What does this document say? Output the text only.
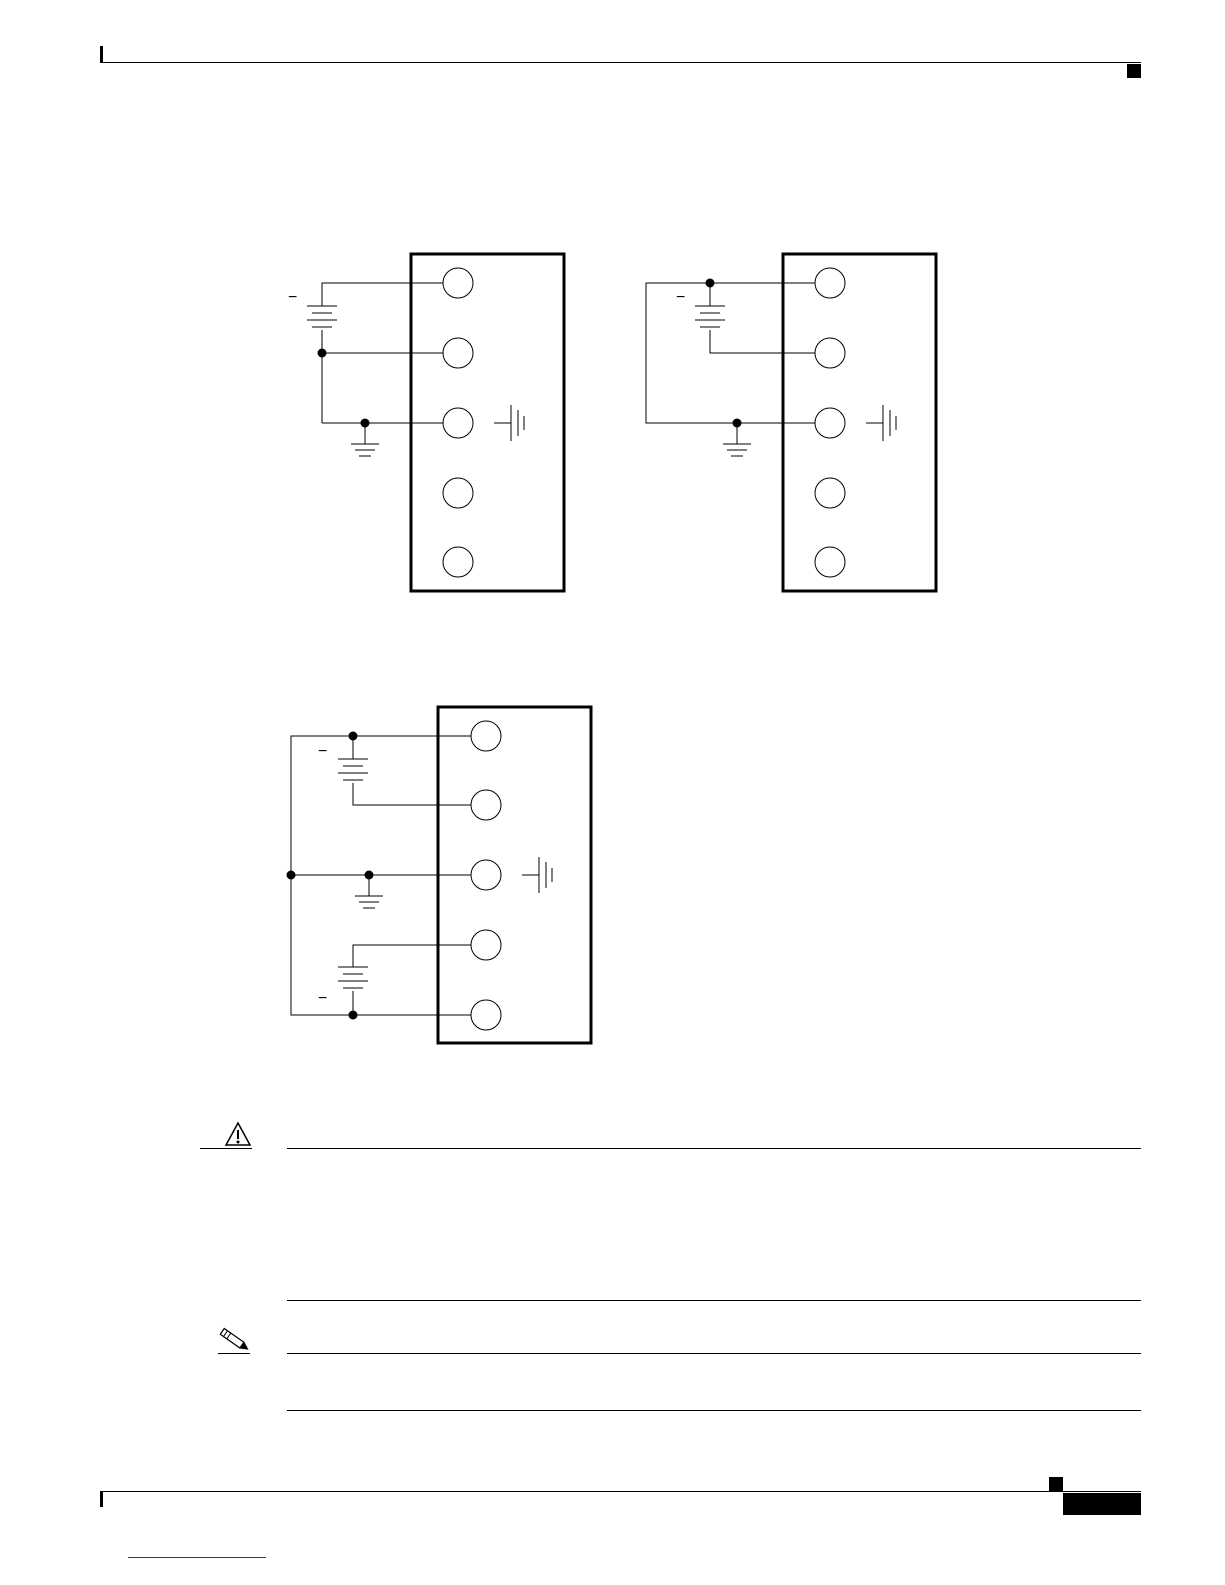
−	−
−
−
